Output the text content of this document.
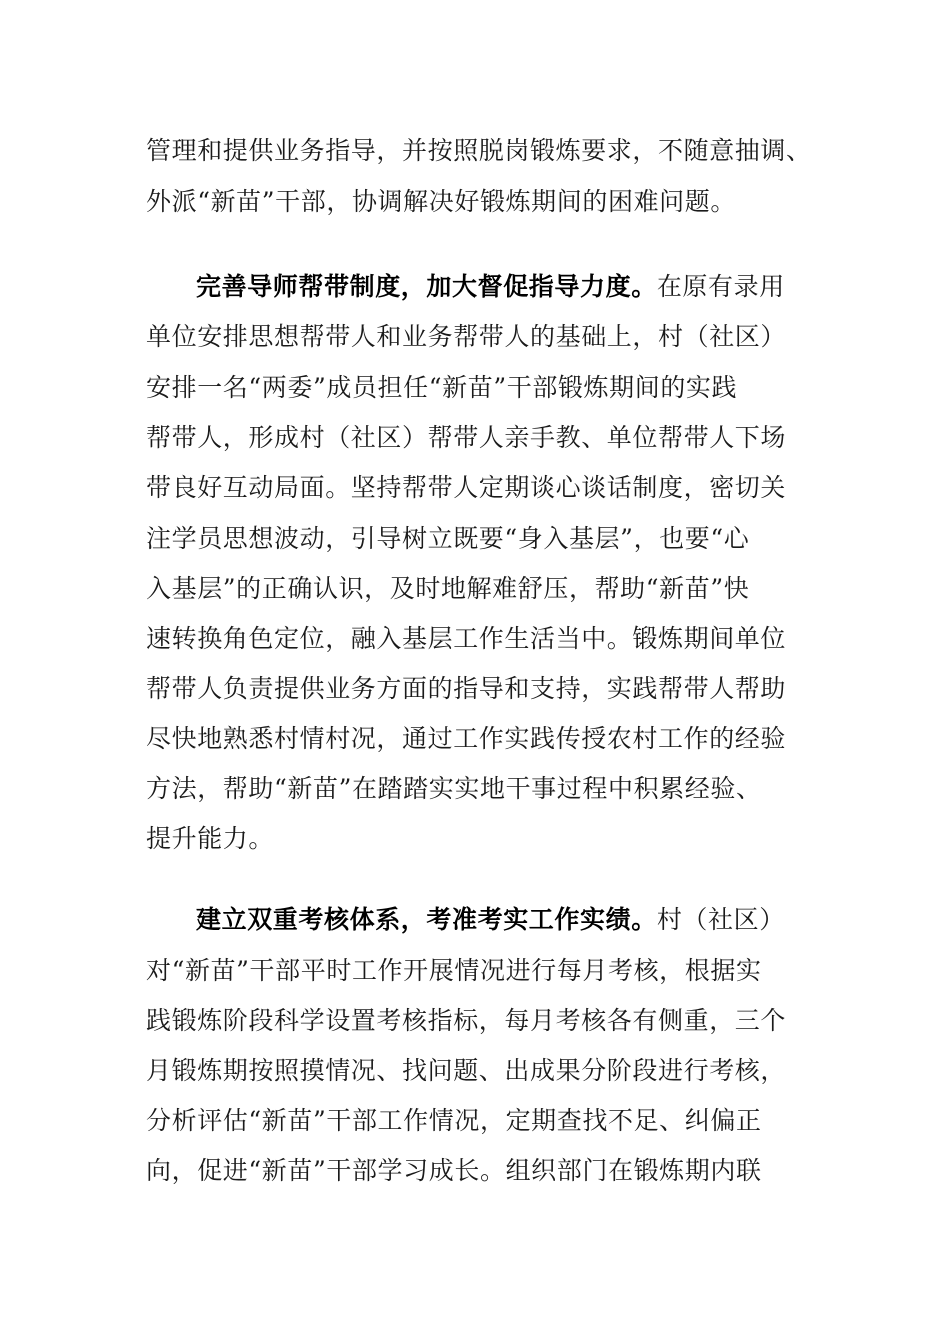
管理和提供业务指导，并按照脱岗锻炼要求，不随意抽调、
外派“新苗”干部，协调解决好锻炼期间的困难问题。
完善导师帮带制度，加大督促指导力度。在原有录用
单位安排思想帮带人和业务帮带人的基础上，村（社区）
安排一名“两委”成员担任“新苗”干部锻炼期间的实践
帮带人，形成村（社区）帮带人亲手教、单位帮带人下场
带良好互动局面。坚持帮带人定期谈心谈话制度，密切关
注学员思想波动，引导树立既要“身入基层”，也要“心
入基层”的正确认识，及时地解难舒压，帮助“新苗”快
速转换角色定位，融入基层工作生活当中。锻炼期间单位
帮带人负责提供业务方面的指导和支持，实践帮带人帮助
尽快地熟悉村情村况，通过工作实践传授农村工作的经验
方法，帮助“新苗”在踏踏实实地干事过程中积累经验、
提升能力。
建立双重考核体系，考准考实工作实绩。村（社区）
对“新苗”干部平时工作开展情况进行每月考核，根据实
践锻炼阶段科学设置考核指标，每月考核各有侧重，三个
月锻炼期按照摸情况、找问题、出成果分阶段进行考核，
分析评估“新苗”干部工作情况，定期查找不足、纠偏正
向，促进“新苗”干部学习成长。组织部门在锻炼期内联
